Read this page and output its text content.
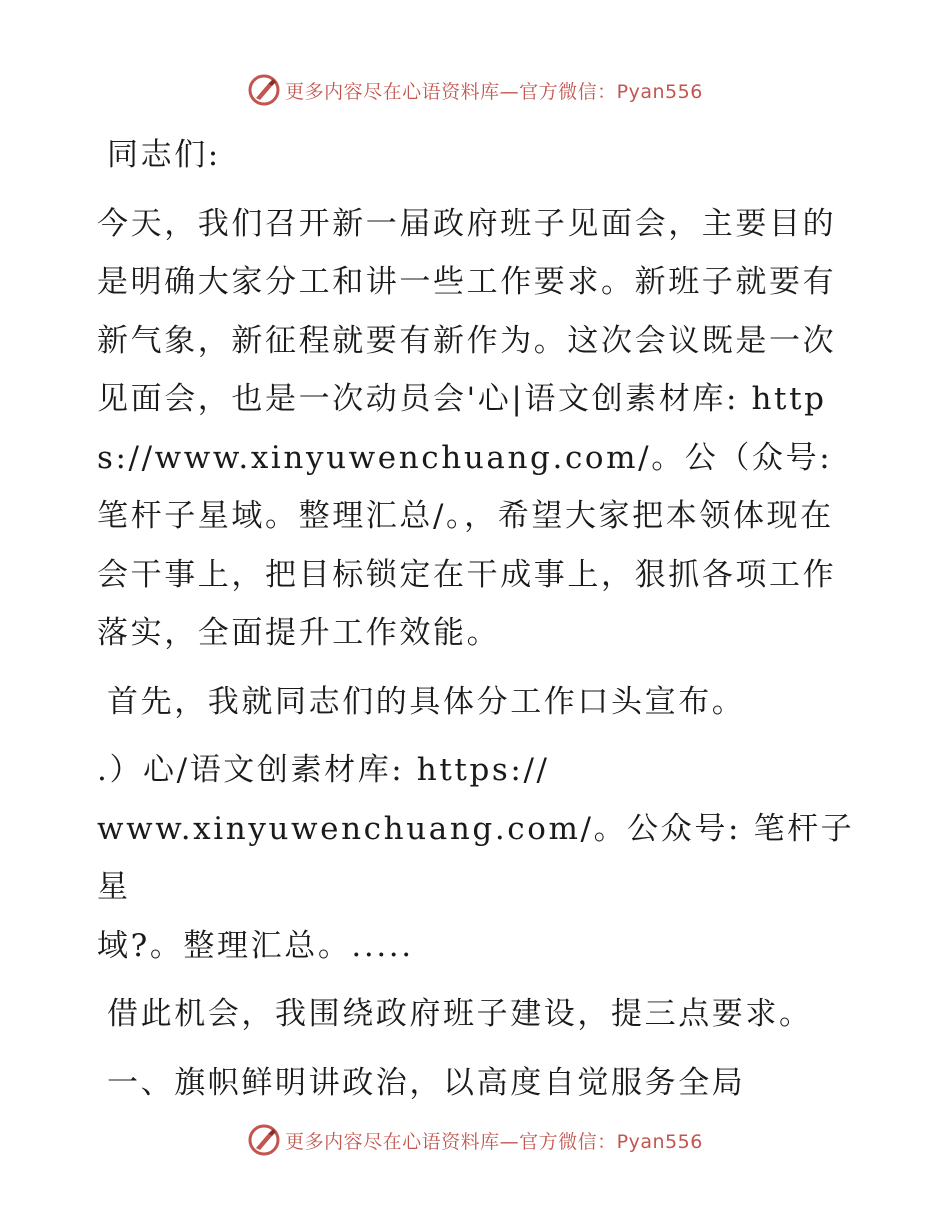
更多内容尽在心语资料库—官方微信：Pyan556

同志们:

今天，我们召开新一届政府班子见面会，主要目的是明确大家分工和讲一些工作要求。新班子就要有新气象，新征程就要有新作为。这次会议既是一次见面会，也是一次动员会'心|语文创素材库: https://www.xinyuwenchuang.com/。公（众号: 笔杆子星域。整理汇总/。，希望大家把本领体现在会干事上，把目标锁定在干成事上，狠抓各项工作落实，全面提升工作效能。

首先，我就同志们的具体分工作口头宣布。

.）心/语文创素材库: https://
www.xinyuwenchuang.com/。公众号: 笔杆子星
域?。整理汇总。.....

借此机会，我围绕政府班子建设，提三点要求。

一、旗帜鲜明讲政治，以高度自觉服务全局

更多内容尽在心语资料库—官方微信：Pyan556
